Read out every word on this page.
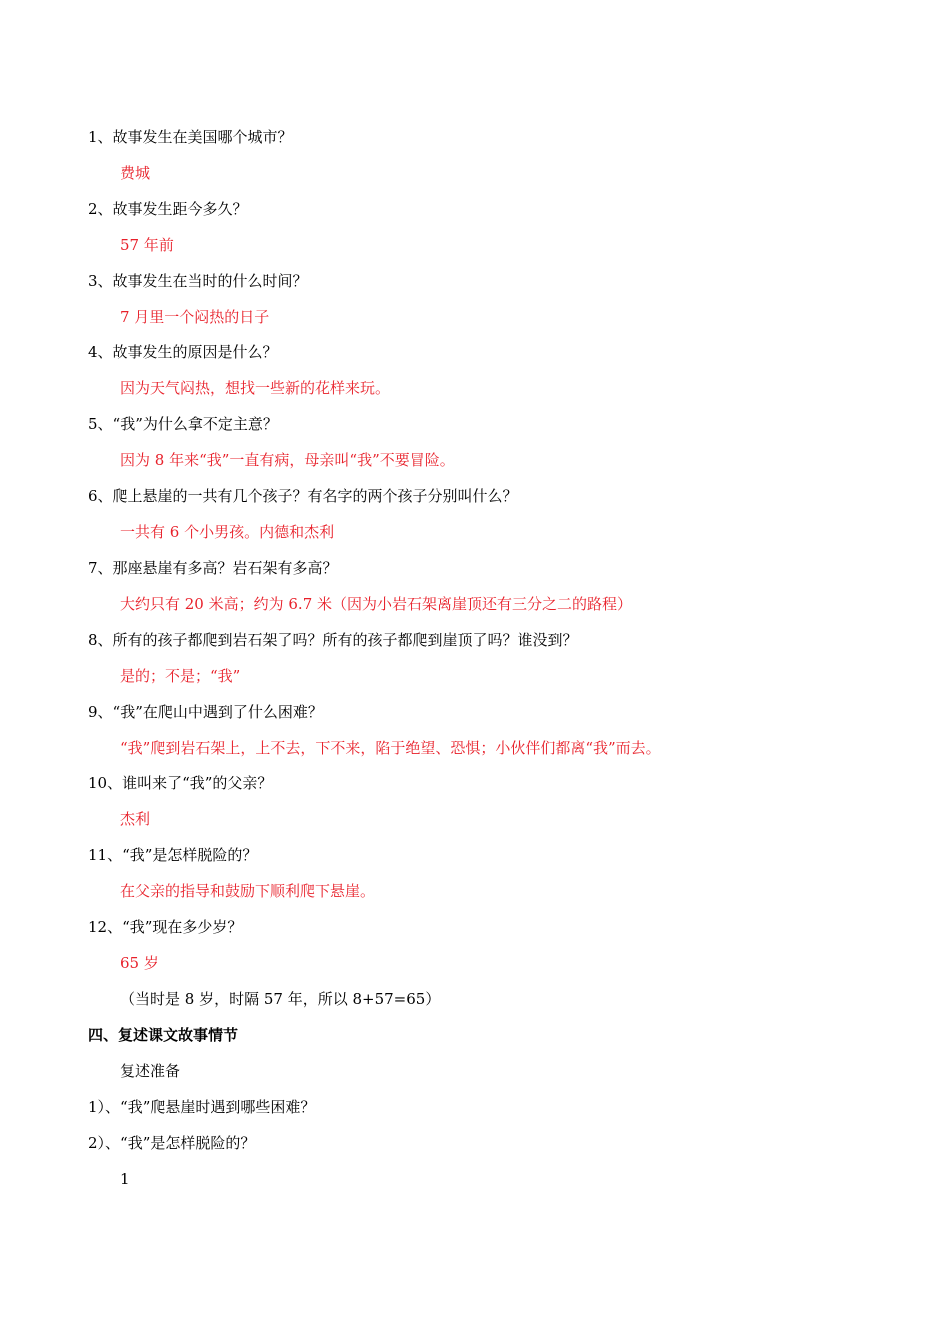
1、故事发生在美国哪个城市？
费城
2、故事发生距今多久？
57 年前
3、故事发生在当时的什么时间？
7 月里一个闷热的日子
4、故事发生的原因是什么？
因为天气闷热，想找一些新的花样来玩。
5、“我”为什么拿不定主意？
因为 8 年来“我”一直有病，母亲叫“我”不要冒险。
6、爬上悬崖的一共有几个孩子？有名字的两个孩子分别叫什么？
一共有 6 个小男孩。内德和杰利
7、那座悬崖有多高？岩石架有多高？
大约只有 20 米高；约为 6.7 米（因为小岩石架离崖顶还有三分之二的路程）
8、所有的孩子都爬到岩石架了吗？所有的孩子都爬到崖顶了吗？谁没到？
是的；不是；“我”
9、“我”在爬山中遇到了什么困难？
“我”爬到岩石架上，上不去，下不来，陷于绝望、恐惧；小伙伴们都离“我”而去。
10、谁叫来了“我”的父亲？
杰利
11、“我”是怎样脱险的？
在父亲的指导和鼓励下顺利爬下悬崖。
12、“我”现在多少岁？
65 岁
（当时是 8 岁，时隔 57 年，所以 8+57=65）
四、复述课文故事情节
复述准备
1）、“我”爬悬崖时遇到哪些困难？
2）、“我”是怎样脱险的？
1
